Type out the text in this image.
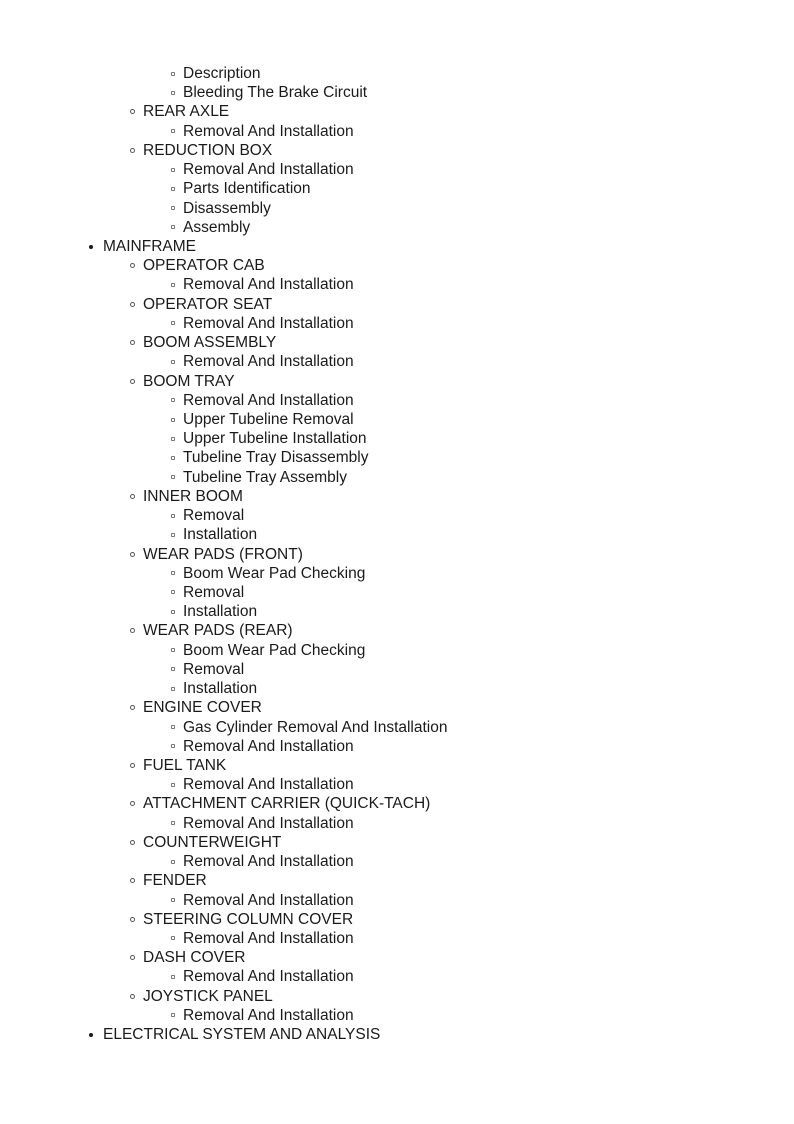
Description
Bleeding The Brake Circuit
REAR AXLE
Removal And Installation
REDUCTION BOX
Removal And Installation
Parts Identification
Disassembly
Assembly
MAINFRAME
OPERATOR CAB
Removal And Installation
OPERATOR SEAT
Removal And Installation
BOOM ASSEMBLY
Removal And Installation
BOOM TRAY
Removal And Installation
Upper Tubeline Removal
Upper Tubeline Installation
Tubeline Tray Disassembly
Tubeline Tray Assembly
INNER BOOM
Removal
Installation
WEAR PADS (FRONT)
Boom Wear Pad Checking
Removal
Installation
WEAR PADS (REAR)
Boom Wear Pad Checking
Removal
Installation
ENGINE COVER
Gas Cylinder Removal And Installation
Removal And Installation
FUEL TANK
Removal And Installation
ATTACHMENT CARRIER (QUICK-TACH)
Removal And Installation
COUNTERWEIGHT
Removal And Installation
FENDER
Removal And Installation
STEERING COLUMN COVER
Removal And Installation
DASH COVER
Removal And Installation
JOYSTICK PANEL
Removal And Installation
ELECTRICAL SYSTEM AND ANALYSIS
